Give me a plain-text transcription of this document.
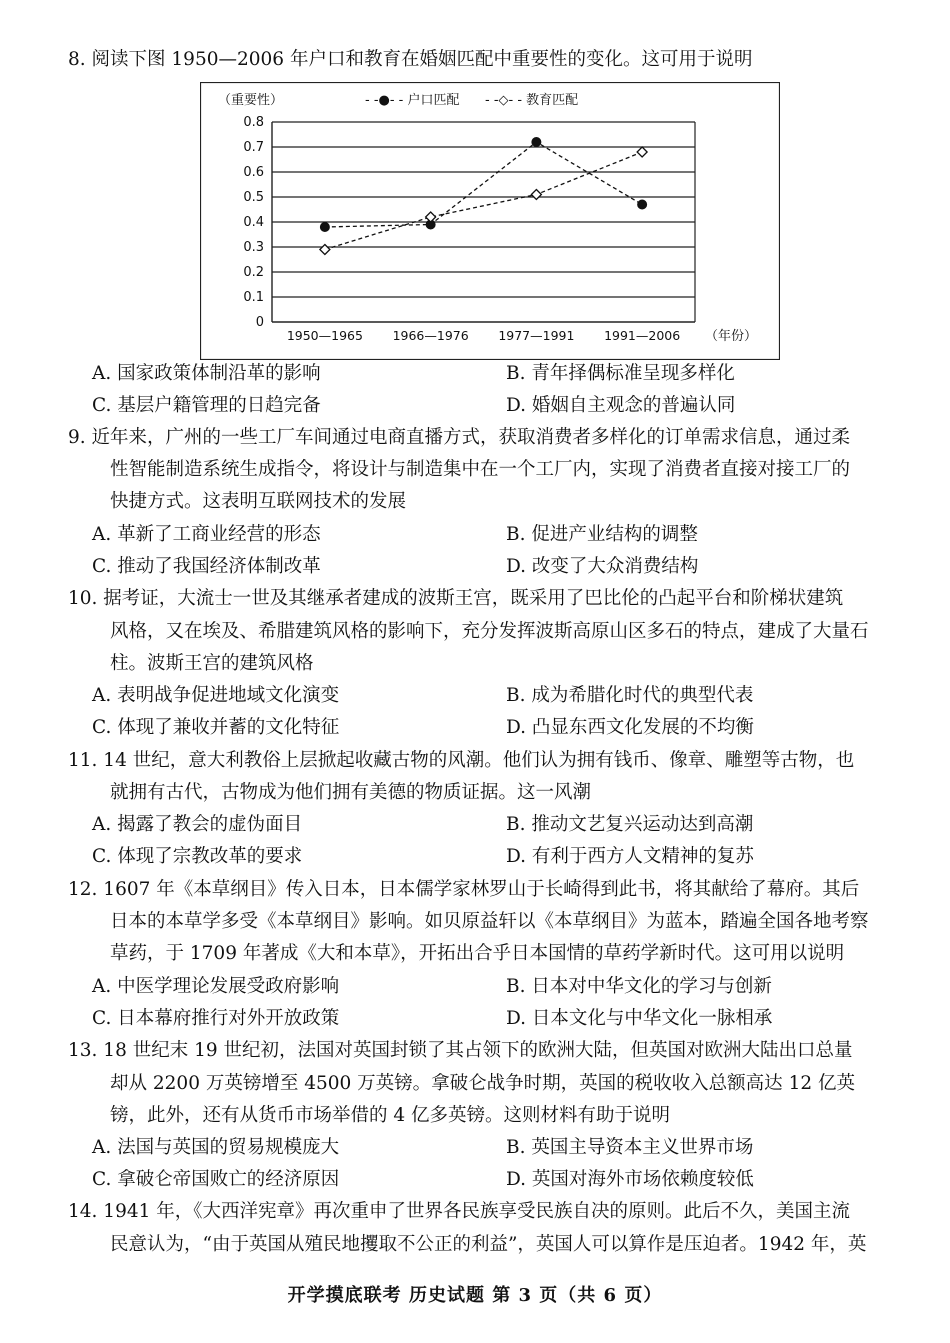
8. 阅读下图 1950—2006 年户口和教育在婚姻匹配中重要性的变化。这可用于说明
（重要性）	- -●- - 户口匹配 - -◇- - 教育匹配
0
0.1
0.2
0.3
0.4
0.5
0.6
0.7
0.8
1950—1965 1966—1976 1977—1991 1991—2006 （年份）
A. 国家政策体制沿革的影响	B. 青年择偶标准呈现多样化
C. 基层户籍管理的日趋完备	D. 婚姻自主观念的普遍认同
9. 近年来，广州的一些工厂车间通过电商直播方式，获取消费者多样化的订单需求信息，通过柔
性智能制造系统生成指令，将设计与制造集中在一个工厂内，实现了消费者直接对接工厂的
快捷方式。这表明互联网技术的发展
A. 革新了工商业经营的形态	B. 促进产业结构的调整
C. 推动了我国经济体制改革	D. 改变了大众消费结构
10. 据考证，大流士一世及其继承者建成的波斯王宫，既采用了巴比伦的凸起平台和阶梯状建筑
风格，又在埃及、希腊建筑风格的影响下，充分发挥波斯高原山区多石的特点，建成了大量石
柱。波斯王宫的建筑风格
A. 表明战争促进地域文化演变	B. 成为希腊化时代的典型代表
C. 体现了兼收并蓄的文化特征	D. 凸显东西文化发展的不均衡
11. 14 世纪，意大利教俗上层掀起收藏古物的风潮。他们认为拥有钱币、像章、雕塑等古物，也
就拥有古代，古物成为他们拥有美德的物质证据。这一风潮
A. 揭露了教会的虚伪面目	B. 推动文艺复兴运动达到高潮
C. 体现了宗教改革的要求	D. 有利于西方人文精神的复苏
12. 1607 年《本草纲目》传入日本，日本儒学家林罗山于长崎得到此书，将其献给了幕府。其后
日本的本草学多受《本草纲目》影响。如贝原益轩以《本草纲目》为蓝本，踏遍全国各地考察
草药，于 1709 年著成《大和本草》，开拓出合乎日本国情的草药学新时代。这可用以说明
A. 中医学理论发展受政府影响	B. 日本对中华文化的学习与创新
C. 日本幕府推行对外开放政策	D. 日本文化与中华文化一脉相承
13. 18 世纪末 19 世纪初，法国对英国封锁了其占领下的欧洲大陆，但英国对欧洲大陆出口总量
却从 2200 万英镑增至 4500 万英镑。拿破仑战争时期，英国的税收收入总额高达 12 亿英
镑，此外，还有从货币市场举借的 4 亿多英镑。这则材料有助于说明
A. 法国与英国的贸易规模庞大	B. 英国主导资本主义世界市场
C. 拿破仑帝国败亡的经济原因	D. 英国对海外市场依赖度较低
14. 1941 年，《大西洋宪章》再次重申了世界各民族享受民族自决的原则。此后不久，美国主流
民意认为，“由于英国从殖民地攫取不公正的利益”，英国人可以算作是压迫者。1942 年，英
开学摸底联考 历史试题 第 3 页（共 6 页）
